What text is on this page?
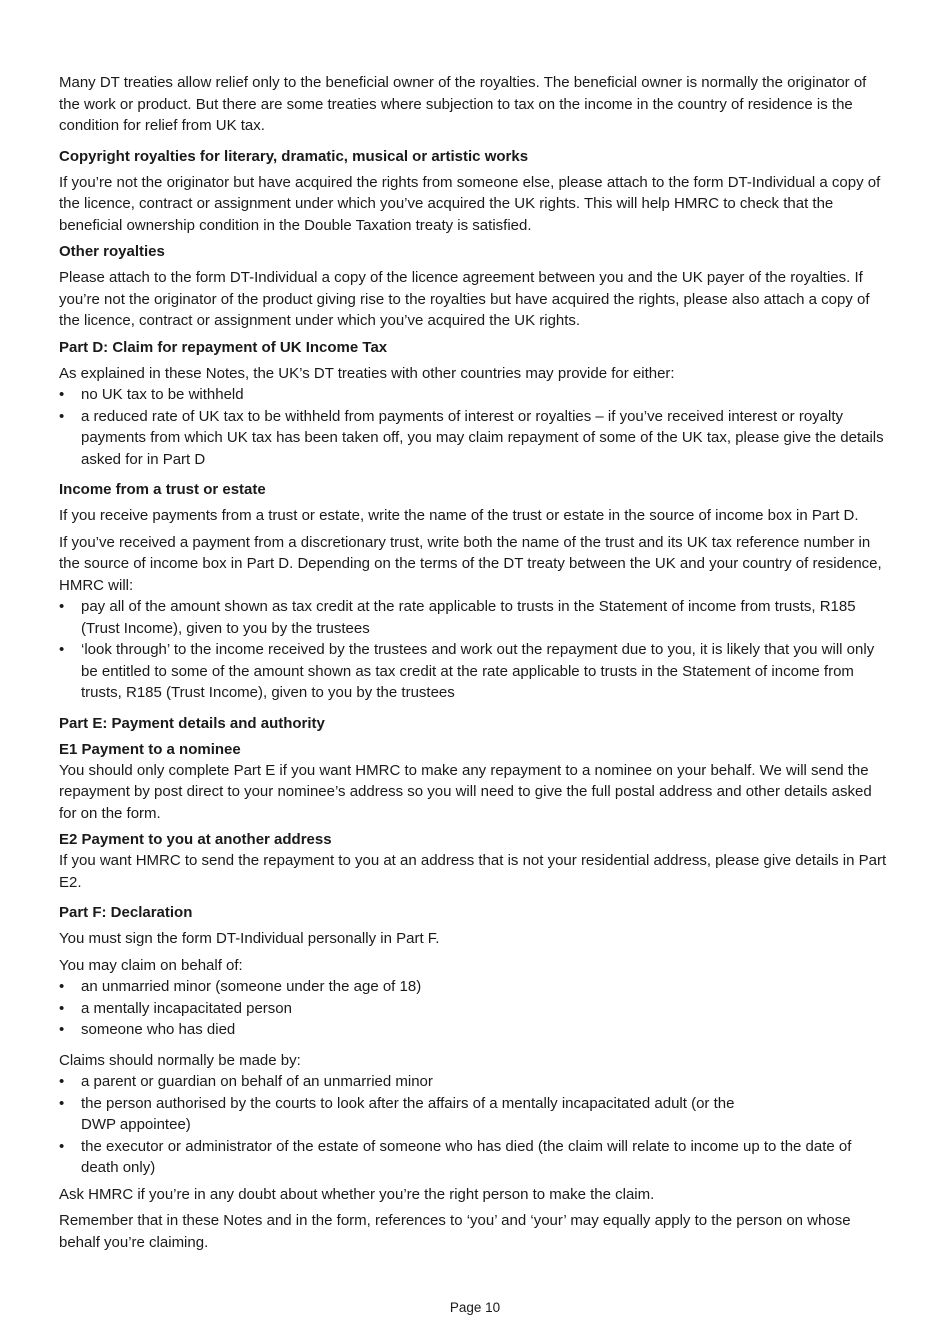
Many DT treaties allow relief only to the beneficial owner of the royalties. The beneficial owner is normally the originator of the work or product. But there are some treaties where subjection to tax on the income in the country of residence is the condition for relief from UK tax.

Copyright royalties for literary, dramatic, musical or artistic works

If you’re not the originator but have acquired the rights from someone else, please attach to the form DT-Individual a copy of the licence, contract or assignment under which you’ve acquired the UK rights. This will help HMRC to check that the beneficial ownership condition in the Double Taxation treaty is satisfied.

Other royalties

Please attach to the form DT-Individual a copy of the licence agreement between you and the UK payer of the royalties. If you’re not the originator of the product giving rise to the royalties but have acquired the rights, please also attach a copy of the licence, contract or assignment under which you’ve acquired the UK rights.

Part D: Claim for repayment of UK Income Tax

As explained in these Notes, the UK’s DT treaties with other countries may provide for either:

• no UK tax to be withheld
• a reduced rate of UK tax to be withheld from payments of interest or royalties – if you’ve received interest or royalty payments from which UK tax has been taken off, you may claim repayment of some of the UK tax, please give the details asked for in Part D
Income from a trust or estate

If you receive payments from a trust or estate, write the name of the trust or estate in the source of income box in Part D.

If you’ve received a payment from a discretionary trust, write both the name of the trust and its UK tax reference number in the source of income box in Part D. Depending on the terms of the DT treaty between the UK and your country of residence, HMRC will:

• pay all of the amount shown as tax credit at the rate applicable to trusts in the Statement of income from trusts, R185 (Trust Income), given to you by the trustees
• ‘look through’ to the income received by the trustees and work out the repayment due to you, it is likely that you will only be entitled to some of the amount shown as tax credit at the rate applicable to trusts in the Statement of income from trusts, R185 (Trust Income), given to you by the trustees
Part E: Payment details and authority
E1 Payment to a nominee

You should only complete Part E if you want HMRC to make any repayment to a nominee on your behalf. We will send the repayment by post direct to your nominee’s address so you will need to give the full postal address and other details asked for on the form.

E2 Payment to you at another address

If you want HMRC to send the repayment to you at an address that is not your residential address, please give details in Part E2.

Part F: Declaration

You must sign the form DT-Individual personally in Part F.

You may claim on behalf of:

• an unmarried minor (someone under the age of 18)
• a mentally incapacitated person
• someone who has died

Claims should normally be made by:

• a parent or guardian on behalf of an unmarried minor
• the person authorised by the courts to look after the affairs of a mentally incapacitated adult (or the DWP appointee)
• the executor or administrator of the estate of someone who has died (the claim will relate to income up to the date of death only)

Ask HMRC if you’re in any doubt about whether you’re the right person to make the claim.

Remember that in these Notes and in the form, references to ‘you’ and ‘your’ may equally apply to the person on whose behalf you’re claiming.

Page 10
